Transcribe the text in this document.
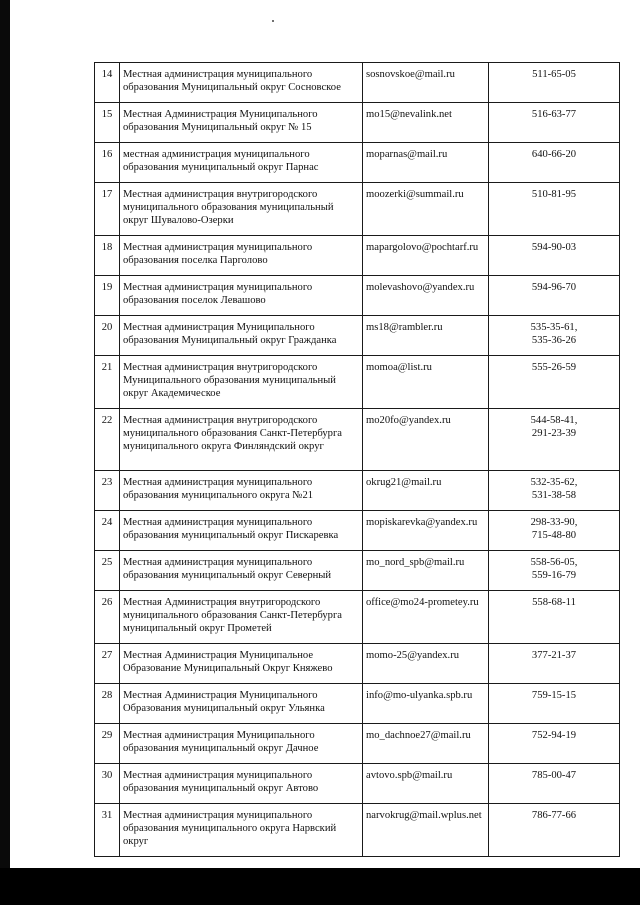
14	Местная администрация муниципального образования Муниципальный округ Сосновское	sosnovskoe@mail.ru	511-65-05

15	Местная Администрация Муниципального образования Муниципальный округ № 15	mo15@nevalink.net	516-63-77

16	местная администрация муниципального образования муниципальный округ Парнас	moparnas@mail.ru	640-66-20

17	Местная администрация внутригородского муниципального образования муниципальный округ Шувалово-Озерки	moozerki@summail.ru	510-81-95

18	Местная администрация муниципального образования поселка Парголово	mapargolovo@pochtarf.ru	594-90-03

19	Местная администрация муниципального образования поселок Левашово	molevashovo@yandex.ru	594-96-70

20	Местная администрация Муниципального образования Муниципальный округ Гражданка	ms18@rambler.ru	535-35-61,
535-36-26

21	Местная администрация внутригородского Муниципального образования муниципальный округ Академическое	momoa@list.ru	555-26-59

22	Местная администрация внутригородского муниципального образования Санкт-Петербурга муниципального округа Финляндский округ	mo20fo@yandex.ru	544-58-41,
291-23-39

23	Местная администрация муниципального образования муниципального округа №21	okrug21@mail.ru	532-35-62,
531-38-58

24	Местная администрация муниципального образования муниципальный округ Пискаревка	mopiskarevka@yandex.ru	298-33-90,
715-48-80

25	Местная администрация муниципального образования муниципальный округ Северный	mo_nord_spb@mail.ru	558-56-05,
559-16-79

26	Местная Администрация внутригородского муниципального образования Санкт-Петербурга муниципальный округ Прометей	office@mo24-prometey.ru	558-68-11

27	Местная Администрация Муниципальное Образование Муниципальный Округ Княжево	momo-25@yandex.ru	377-21-37

28	Местная Администрация Муниципального Образования муниципальный округ Ульянка	info@mo-ulyanka.spb.ru	759-15-15

29	Местная администрация Муниципального образования муниципальный округ Дачное	mo_dachnoe27@mail.ru	752-94-19

30	Местная администрация муниципального образования муниципальный округ Автово	avtovo.spb@mail.ru	785-00-47

31	Местная администрация муниципального образования муниципального округа Нарвский округ	narvokrug@mail.wplus.net	786-77-66
